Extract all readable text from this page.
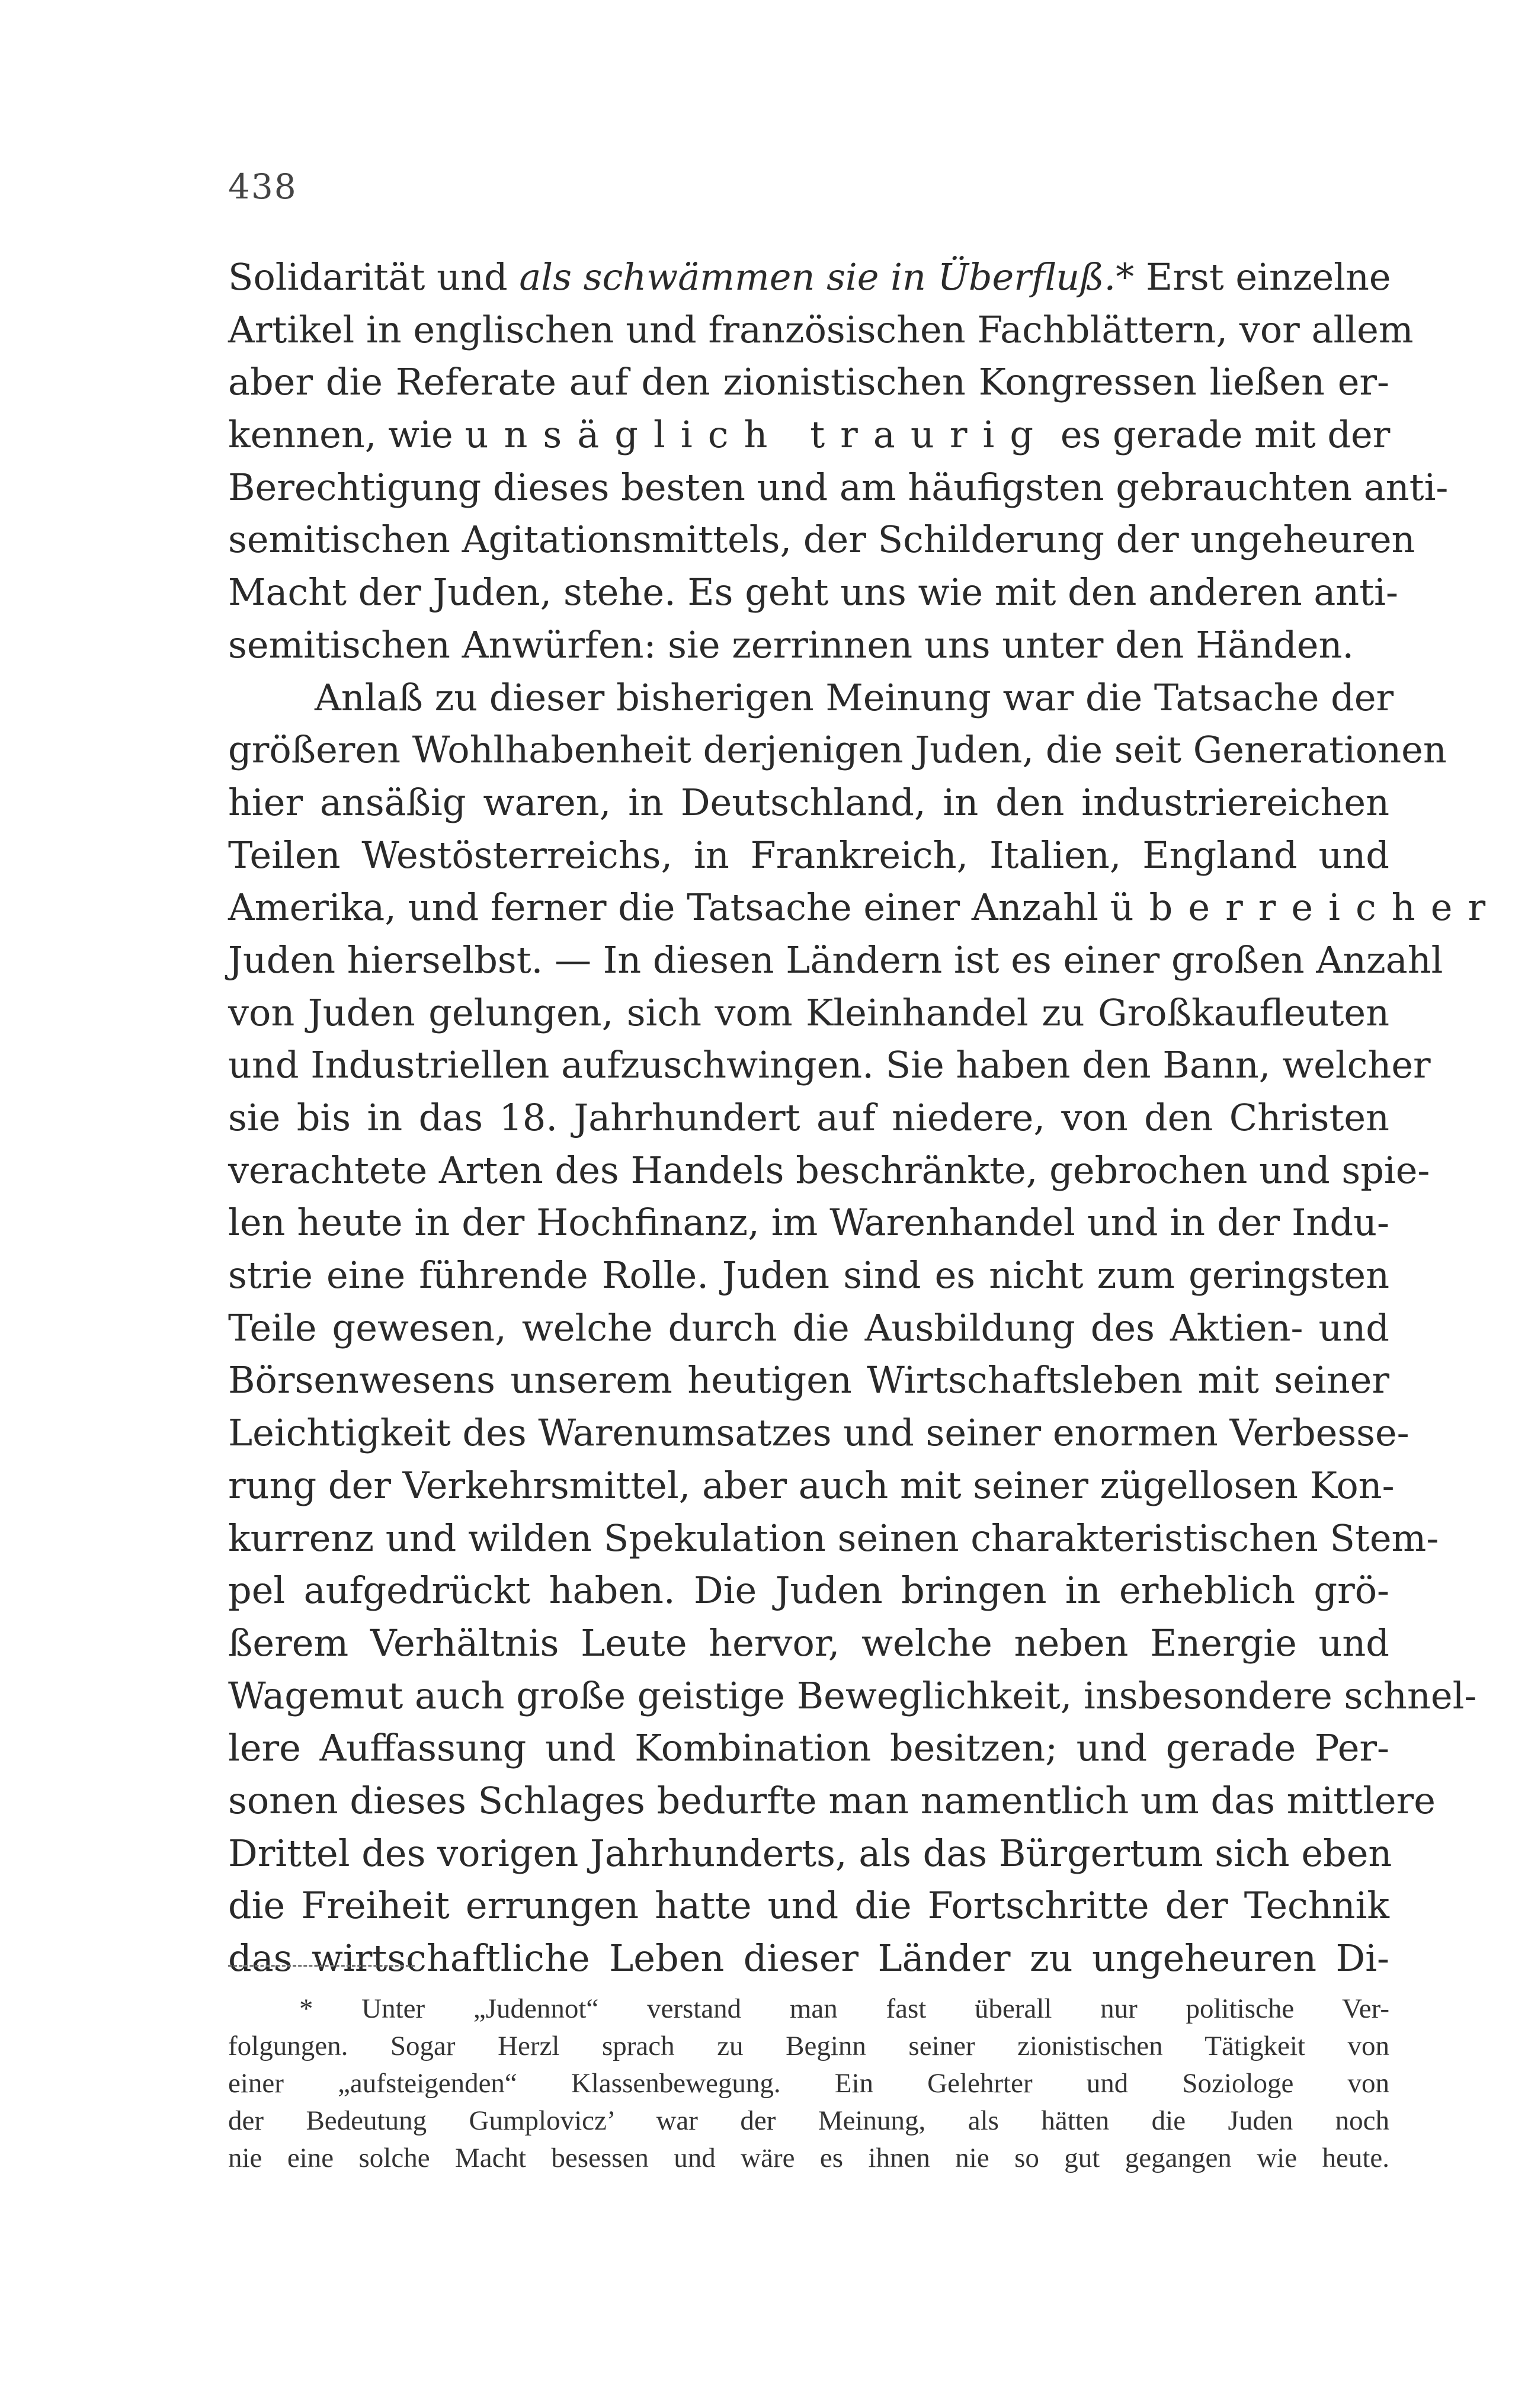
438
Solidarität und als schwämmen sie in Überfluß.* Erst einzelne
Artikel in englischen und französischen Fachblättern, vor allem
aber die Referate auf den zionistischen Kongressen ließen er-
kennen, wie unsäglich traurig es gerade mit der
Berechtigung dieses besten und am häufigsten gebrauchten anti-
semitischen Agitationsmittels, der Schilderung der ungeheuren
Macht der Juden, stehe. Es geht uns wie mit den anderen anti-
semitischen Anwürfen: sie zerrinnen uns unter den Händen.
Anlaß zu dieser bisherigen Meinung war die Tatsache der
größeren Wohlhabenheit derjenigen Juden, die seit Generationen
hier ansäßig waren, in Deutschland, in den industriereichen
Teilen Westösterreichs, in Frankreich, Italien, England und
Amerika, und ferner die Tatsache einer Anzahl überreicher
Juden hierselbst. — In diesen Ländern ist es einer großen Anzahl
von Juden gelungen, sich vom Kleinhandel zu Großkaufleuten
und Industriellen aufzuschwingen. Sie haben den Bann, welcher
sie bis in das 18. Jahrhundert auf niedere, von den Christen
verachtete Arten des Handels beschränkte, gebrochen und spie-
len heute in der Hochfinanz, im Warenhandel und in der Indu-
strie eine führende Rolle. Juden sind es nicht zum geringsten
Teile gewesen, welche durch die Ausbildung des Aktien- und
Börsenwesens unserem heutigen Wirtschaftsleben mit seiner
Leichtigkeit des Warenumsatzes und seiner enormen Verbesse-
rung der Verkehrsmittel, aber auch mit seiner zügellosen Kon-
kurrenz und wilden Spekulation seinen charakteristischen Stem-
pel aufgedrückt haben. Die Juden bringen in erheblich grö-
ßerem Verhältnis Leute hervor, welche neben Energie und
Wagemut auch große geistige Beweglichkeit, insbesondere schnel-
lere Auffassung und Kombination besitzen; und gerade Per-
sonen dieses Schlages bedurfte man namentlich um das mittlere
Drittel des vorigen Jahrhunderts, als das Bürgertum sich eben
die Freiheit errungen hatte und die Fortschritte der Technik
das wirtschaftliche Leben dieser Länder zu ungeheuren Di-
* Unter „Judennot“ verstand man fast überall nur politische Ver-
folgungen. Sogar Herzl sprach zu Beginn seiner zionistischen Tätigkeit von
einer „aufsteigenden“ Klassenbewegung. Ein Gelehrter und Soziologe von
der Bedeutung Gumplovicz’ war der Meinung, als hätten die Juden noch
nie eine solche Macht besessen und wäre es ihnen nie so gut gegangen wie heute.
